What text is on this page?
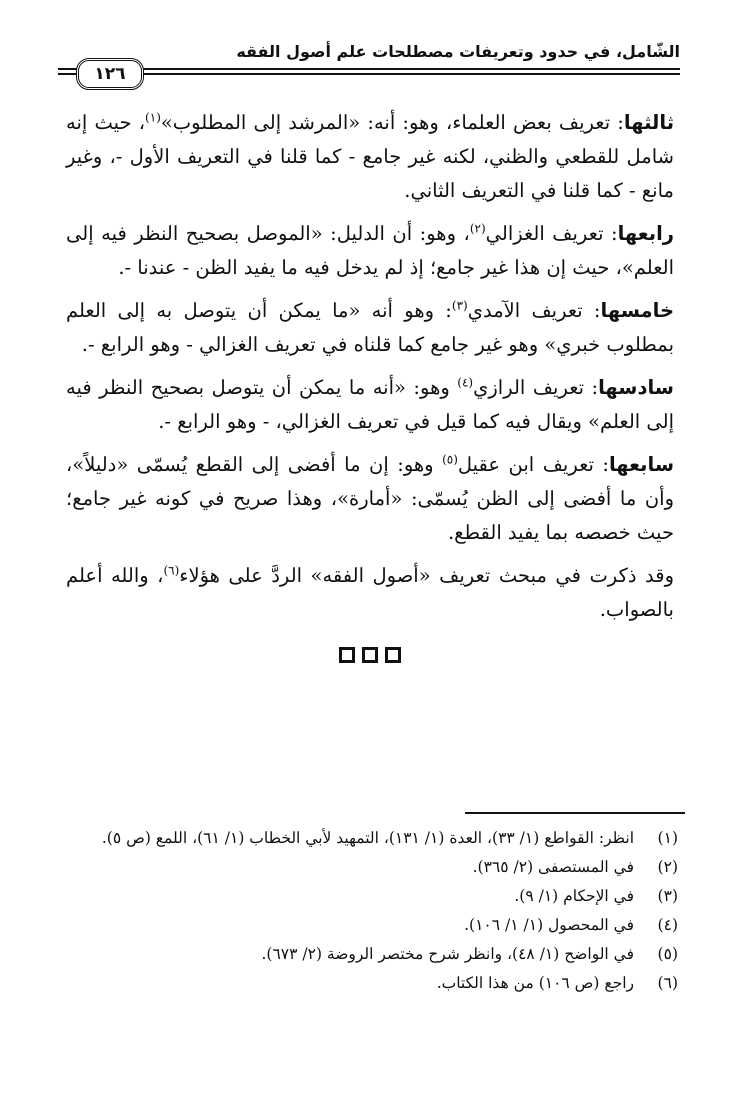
الشّامل، في حدود وتعريفات مصطلحات علم أصول الفقه
١٢٦

ثالثها: تعريف بعض العلماء، وهو: أنه: «المرشد إلى المطلوب»$^{(١)}$، حيث إنه شامل للقطعي والظني، لكنه غير جامع - كما قلنا في التعريف الأول -، وغير مانع - كما قلنا في التعريف الثاني.

رابعها: تعريف الغزالي$^{(٢)}$، وهو: أن الدليل: «الموصل بصحيح النظر فيه إلى العلم»، حيث إن هذا غير جامع؛ إذ لم يدخل فيه ما يفيد الظن - عندنا -.

خامسها: تعريف الآمدي$^{(٣)}$: وهو أنه «ما يمكن أن يتوصل به إلى العلم بمطلوب خبري» وهو غير جامع كما قلناه في تعريف الغزالي - وهو الرابع -.

سادسها: تعريف الرازي$^{(٤)}$ وهو: «أنه ما يمكن أن يتوصل بصحيح النظر فيه إلى العلم» ويقال فيه كما قيل في تعريف الغزالي، - وهو الرابع -.

سابعها: تعريف ابن عقيل$^{(٥)}$ وهو: إن ما أفضى إلى القطع يُسمّى «دليلاً»، وأن ما أفضى إلى الظن يُسمّى: «أمارة»، وهذا صريح في كونه غير جامع؛ حيث خصصه بما يفيد القطع.

وقد ذكرت في مبحث تعريف «أصول الفقه» الردَّ على هؤلاء$^{(٦)}$، والله أعلم بالصواب.

(١)
انظر: القواطع (١/ ٣٣)، العدة (١/ ١٣١)، التمهيد لأبي الخطاب (١/ ٦١)، اللمع (ص ٥).
(٢)
في المستصفى (٢/ ٣٦٥).
(٣)
في الإحكام (١/ ٩).
(٤)
في المحصول (١/ ١/ ١٠٦).
(٥)
في الواضح (١/ ٤٨)، وانظر شرح مختصر الروضة (٢/ ٦٧٣).
(٦)
راجع (ص ١٠٦) من هذا الكتاب.
